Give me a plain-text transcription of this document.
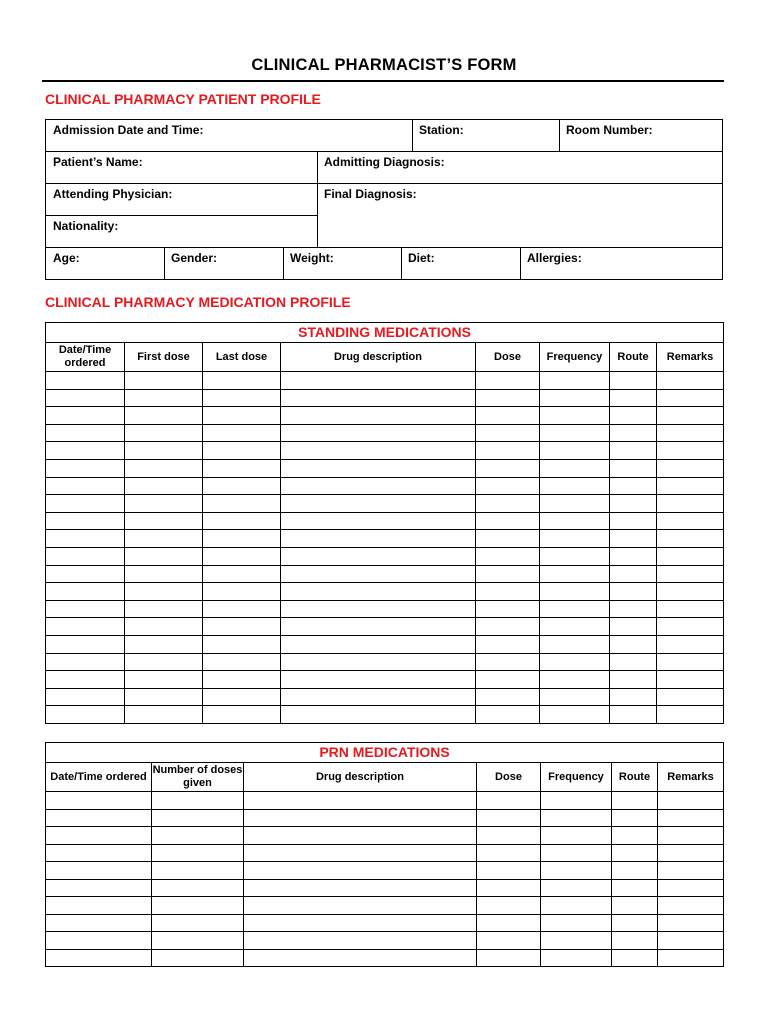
CLINICAL PHARMACIST’S FORM
CLINICAL PHARMACY PATIENT PROFILE
Admission Date and Time:	Station:	Room Number:
Patient’s Name:	Admitting Diagnosis:
Attending Physician:	Final Diagnosis:
Nationality:
Age:	Gender:	Weight:	Diet:	Allergies:
CLINICAL PHARMACY MEDICATION PROFILE
STANDING MEDICATIONS							
Date/Time ordered	First dose	Last dose	Drug description	Dose	Frequency	Route	Remarks

PRN MEDICATIONS						
Date/Time ordered	Number of doses given	Drug description	Dose	Frequency	Route	Remarks
